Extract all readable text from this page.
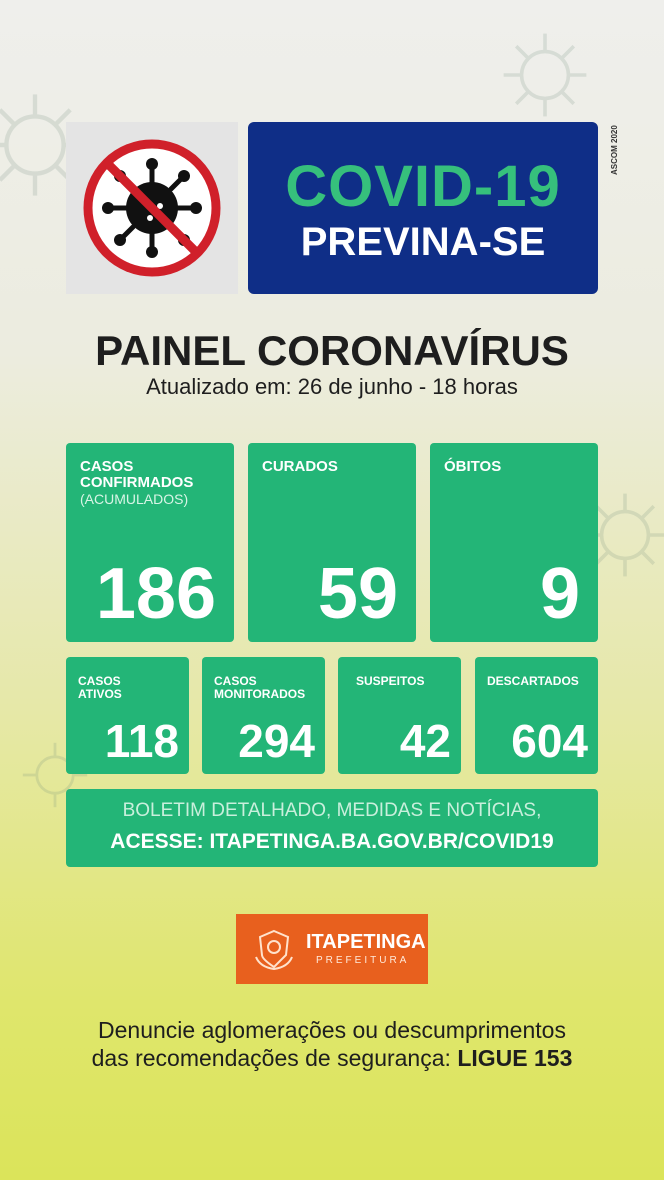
ASCOM 2020
COVID-19
PREVINA-SE
PAINEL CORONAVÍRUS
Atualizado em: 26 de junho - 18 horas
CASOS CONFIRMADOS
(ACUMULADOS)
186
CURADOS
59
ÓBITOS
9
CASOS ATIVOS
118
CASOS MONITORADOS
294
SUSPEITOS
42
DESCARTADOS
604
BOLETIM DETALHADO, MEDIDAS E NOTÍCIAS,
ACESSE: ITAPETINGA.BA.GOV.BR/COVID19
ITAPETINGA
PREFEITURA
Denuncie aglomerações ou descumprimentos
das recomendações de segurança: LIGUE 153
